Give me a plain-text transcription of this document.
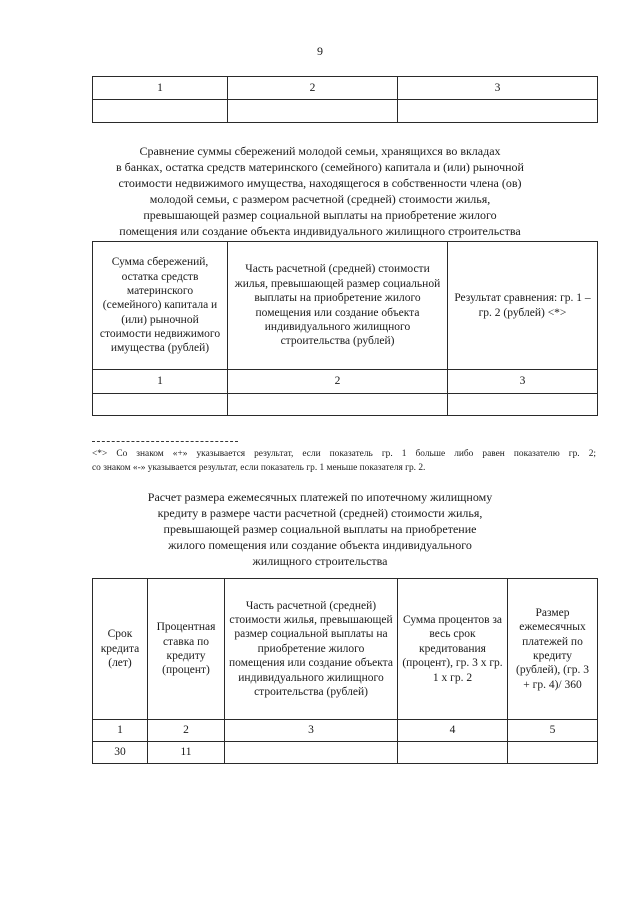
9
1	2	3

Сравнение суммы сбережений молодой семьи, хранящихся во вкладах
в банках, остатка средств материнского (семейного) капитала и (или) рыночной
стоимости недвижимого имущества, находящегося в собственности члена (ов)
молодой семьи, с размером расчетной (средней) стоимости жилья,
превышающей размер социальной выплаты на приобретение жилого
помещения или создание объекта индивидуального жилищного строительства
Сумма сбережений, остатка средств материнского (семейного) капитала и (или) рыночной стоимости недвижимого имущества (рублей)	Часть расчетной (средней) стоимости жилья, превышающей размер социальной выплаты на приобретение жилого помещения или создание объекта индивидуального жилищного строительства (рублей)	Результат сравнения: гр. 1 – гр. 2 (рублей) <*>
1	2	3

<*> Со знаком «+» указывается результат, если показатель гр. 1 больше либо равен показателю гр. 2;
со знаком «-» указывается результат, если показатель гр. 1 меньше показателя гр. 2.
Расчет размера ежемесячных платежей по ипотечному жилищному
кредиту в размере части расчетной (средней) стоимости жилья,
превышающей размер социальной выплаты на приобретение
жилого помещения или создание объекта индивидуального
жилищного строительства
Срок кредита (лет)	Процентная ставка по кредиту (процент)	Часть расчетной (средней) стоимости жилья, превышающей размер социальной выплаты на приобретение жилого помещения или создание объекта индивидуального жилищного строительства (рублей)	Сумма процентов за весь срок кредитования (процент), гр. 3 х гр. 1 х гр. 2	Размер ежемесячных платежей по кредиту (рублей), (гр. 3 + гр. 4)/ 360
1	2	3	4	5
30	11			
